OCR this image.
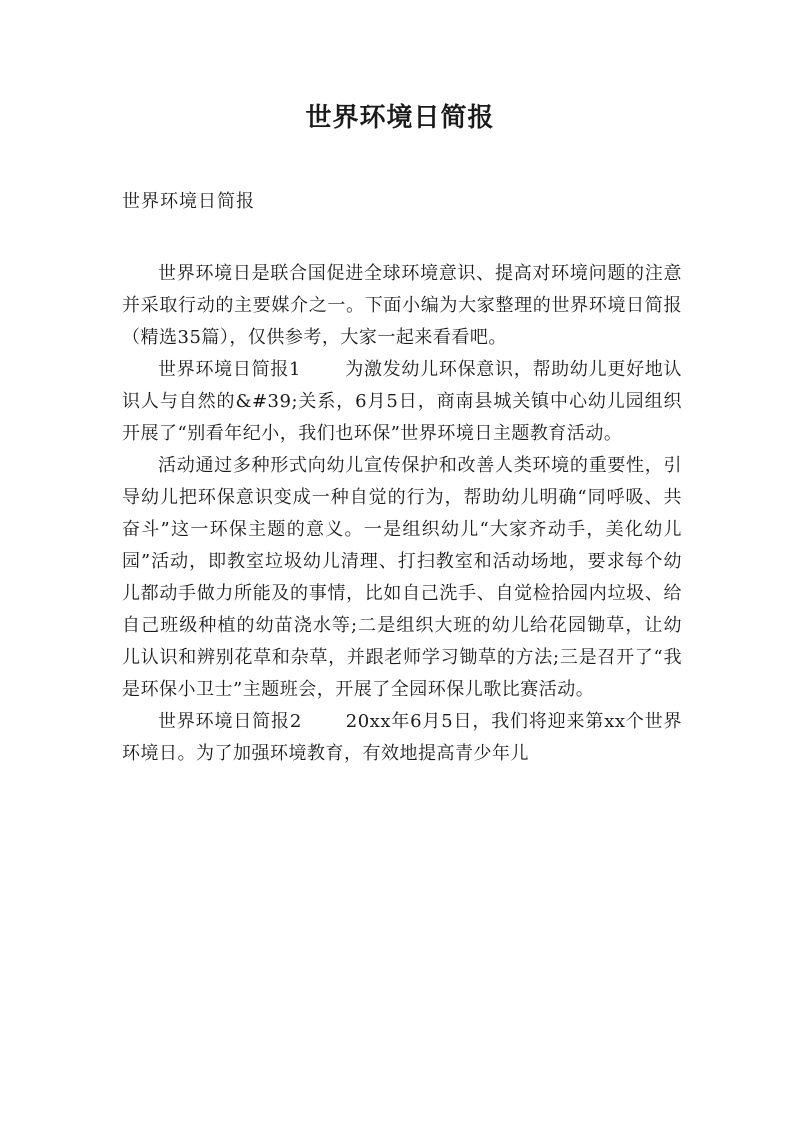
世界环境日简报

世界环境日简报

世界环境日是联合国促进全球环境意识、提高对环境问题的注意并采取行动的主要媒介之一。下面小编为大家整理的世界环境日简报（精选35篇），仅供参考，大家一起来看看吧。

世界环境日简报1 为激发幼儿环保意识，帮助幼儿更好地认识人与自然的&#39;关系，6月5日，商南县城关镇中心幼儿园组织开展了“别看年纪小，我们也环保”世界环境日主题教育活动。

活动通过多种形式向幼儿宣传保护和改善人类环境的重要性，引导幼儿把环保意识变成一种自觉的行为，帮助幼儿明确“同呼吸、共奋斗”这一环保主题的意义。一是组织幼儿“大家齐动手，美化幼儿园”活动，即教室垃圾幼儿清理、打扫教室和活动场地，要求每个幼儿都动手做力所能及的事情，比如自己洗手、自觉检拾园内垃圾、给自己班级种植的幼苗浇水等;二是组织大班的幼儿给花园锄草，让幼儿认识和辨别花草和杂草，并跟老师学习锄草的方法;三是召开了“我是环保小卫士”主题班会，开展了全园环保儿歌比赛活动。

世界环境日简报2 20xx年6月5日，我们将迎来第xx个世界环境日。为了加强环境教育，有效地提高青少年儿
